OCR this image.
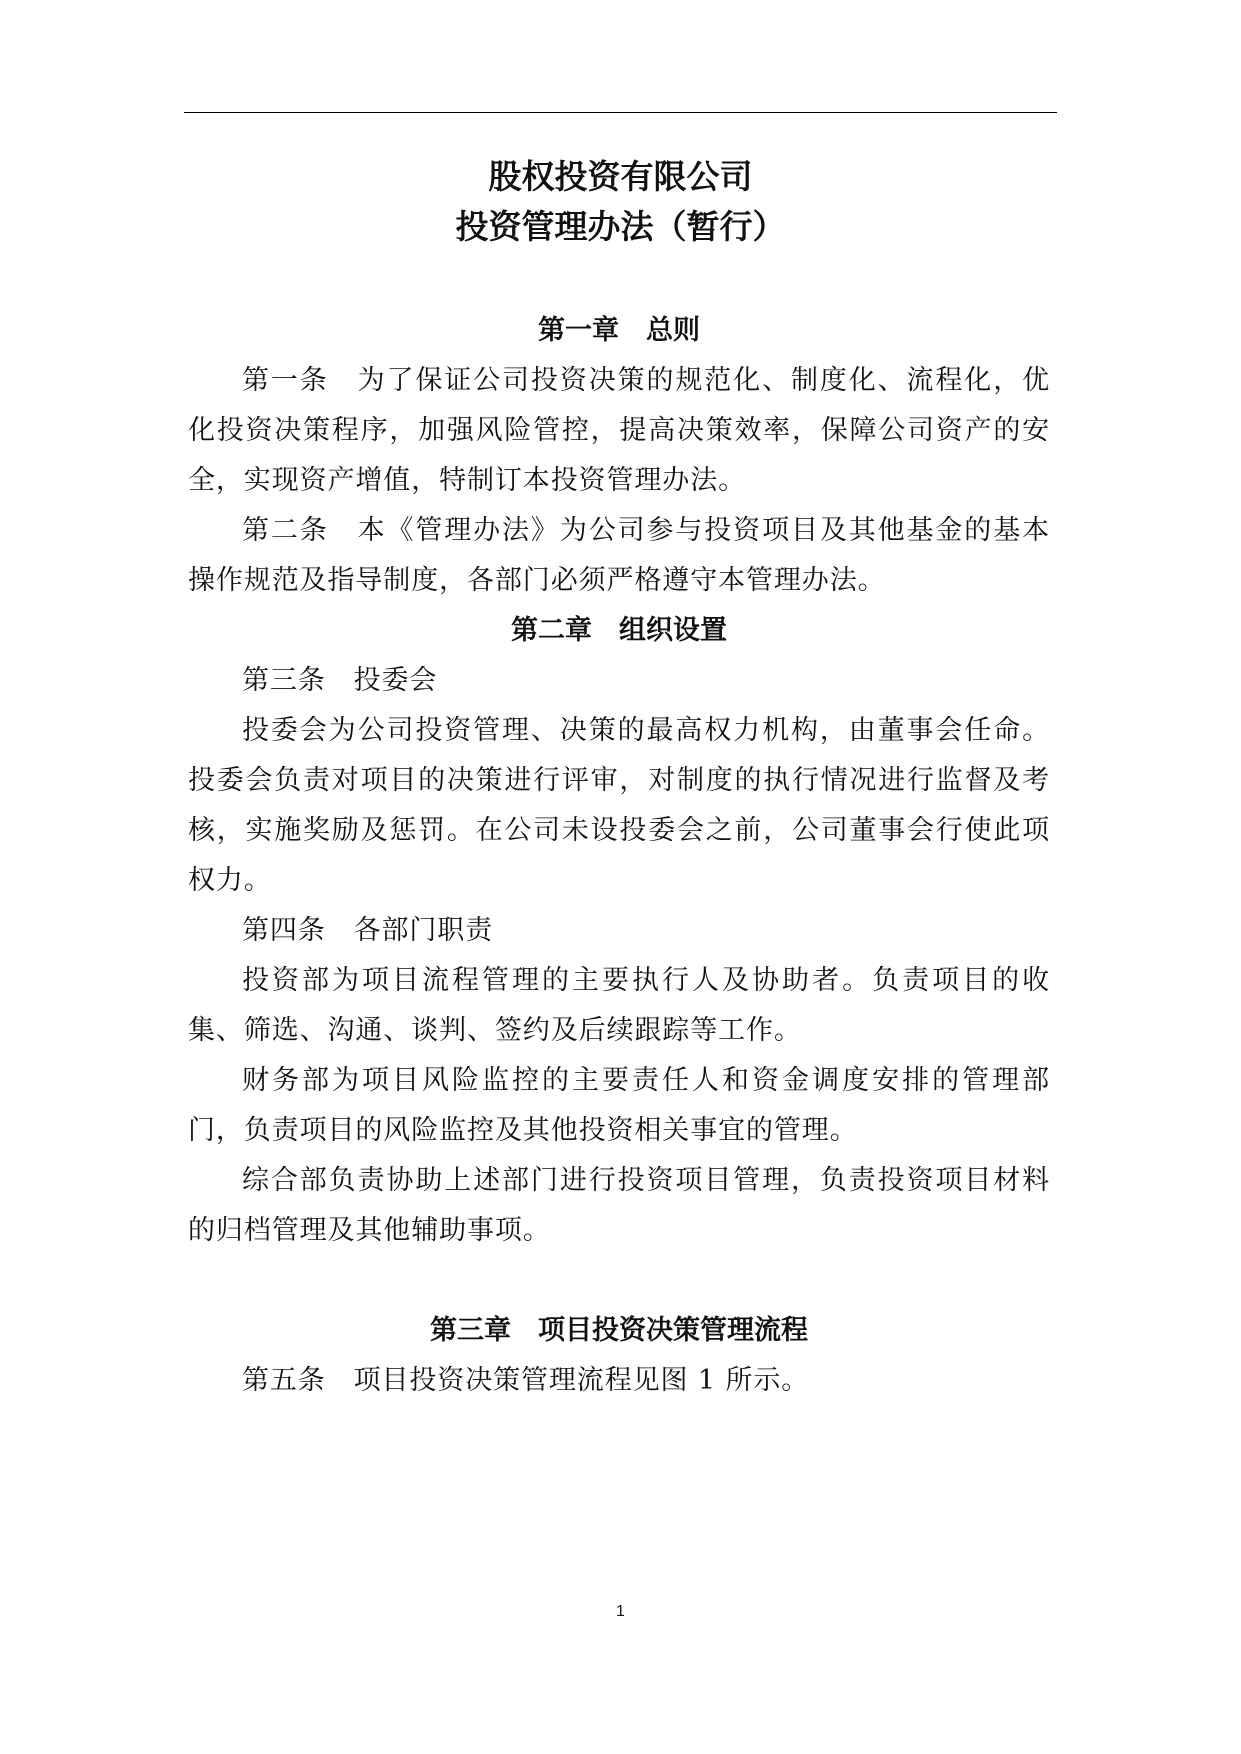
股权投资有限公司
投资管理办法（暂行）
第一章　总则

第一条　为了保证公司投资决策的规范化、制度化、流程化，优化投资决策程序，加强风险管控，提高决策效率，保障公司资产的安全，实现资产增值，特制订本投资管理办法。

第二条　本《管理办法》为公司参与投资项目及其他基金的基本操作规范及指导制度，各部门必须严格遵守本管理办法。

第二章　组织设置

第三条　投委会

投委会为公司投资管理、决策的最高权力机构，由董事会任命。投委会负责对项目的决策进行评审，对制度的执行情况进行监督及考核，实施奖励及惩罚。在公司未设投委会之前，公司董事会行使此项权力。

第四条　各部门职责

投资部为项目流程管理的主要执行人及协助者。负责项目的收集、筛选、沟通、谈判、签约及后续跟踪等工作。

财务部为项目风险监控的主要责任人和资金调度安排的管理部门，负责项目的风险监控及其他投资相关事宜的管理。

综合部负责协助上述部门进行投资项目管理，负责投资项目材料的归档管理及其他辅助事项。

第三章　项目投资决策管理流程

第五条　项目投资决策管理流程见图 1 所示。

1
